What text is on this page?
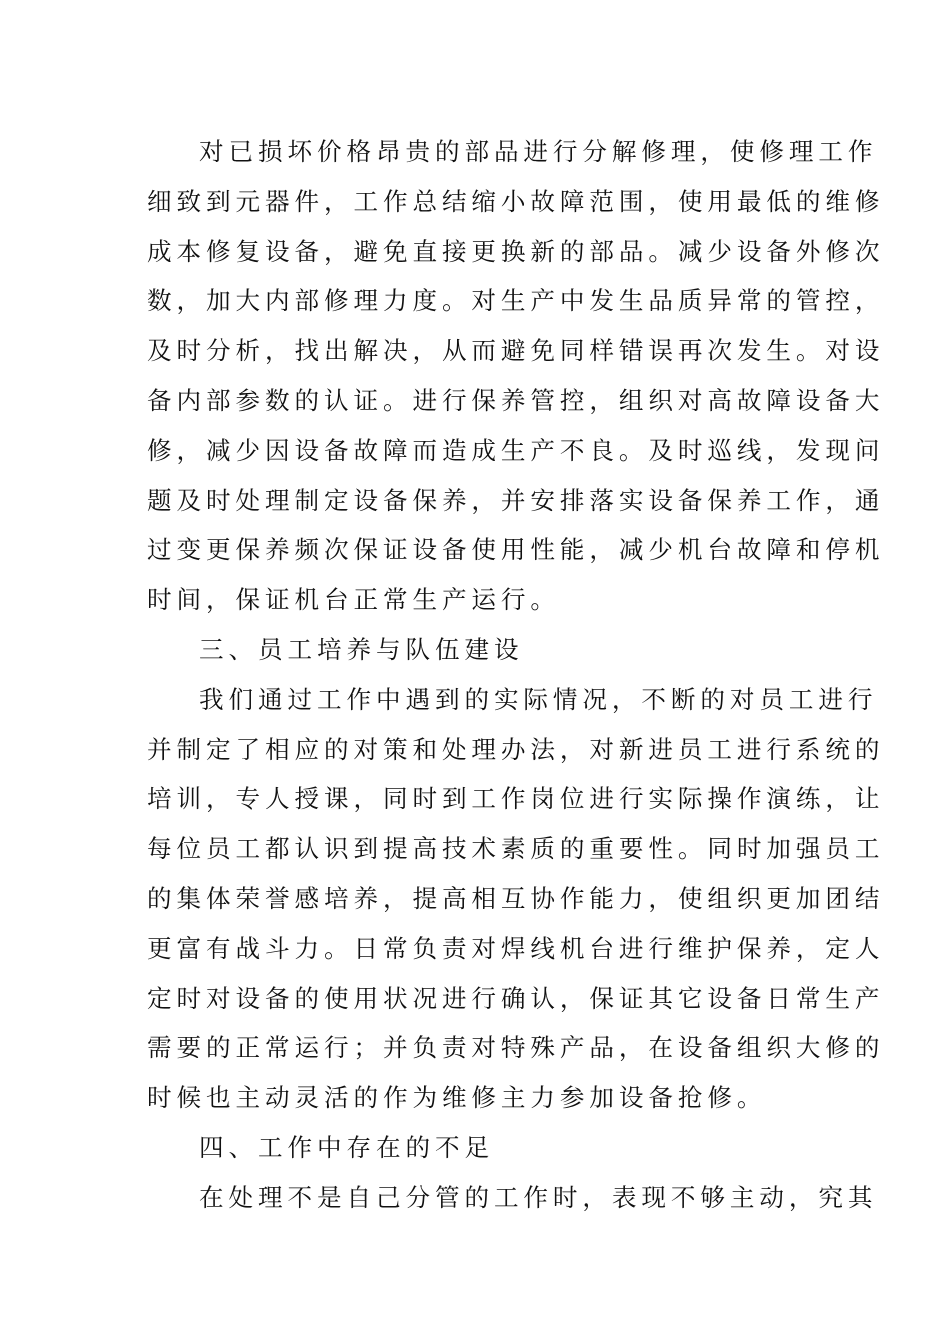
对已损坏价格昂贵的部品进行分解修理，使修理工作
细致到元器件，工作总结缩小故障范围，使用最低的维修
成本修复设备，避免直接更换新的部品。减少设备外修次
数，加大内部修理力度。对生产中发生品质异常的管控，
及时分析，找出解决，从而避免同样错误再次发生。对设
备内部参数的认证。进行保养管控，组织对高故障设备大
修，减少因设备故障而造成生产不良。及时巡线，发现问
题及时处理制定设备保养，并安排落实设备保养工作，通
过变更保养频次保证设备使用性能，减少机台故障和停机
时间，保证机台正常生产运行。
三、员工培养与队伍建设
我们通过工作中遇到的实际情况，不断的对员工进行
并制定了相应的对策和处理办法，对新进员工进行系统的
培训，专人授课，同时到工作岗位进行实际操作演练，让
每位员工都认识到提高技术素质的重要性。同时加强员工
的集体荣誉感培养，提高相互协作能力，使组织更加团结
更富有战斗力。日常负责对焊线机台进行维护保养，定人
定时对设备的使用状况进行确认，保证其它设备日常生产
需要的正常运行；并负责对特殊产品，在设备组织大修的
时候也主动灵活的作为维修主力参加设备抢修。
四、工作中存在的不足
在处理不是自己分管的工作时，表现不够主动，究其
